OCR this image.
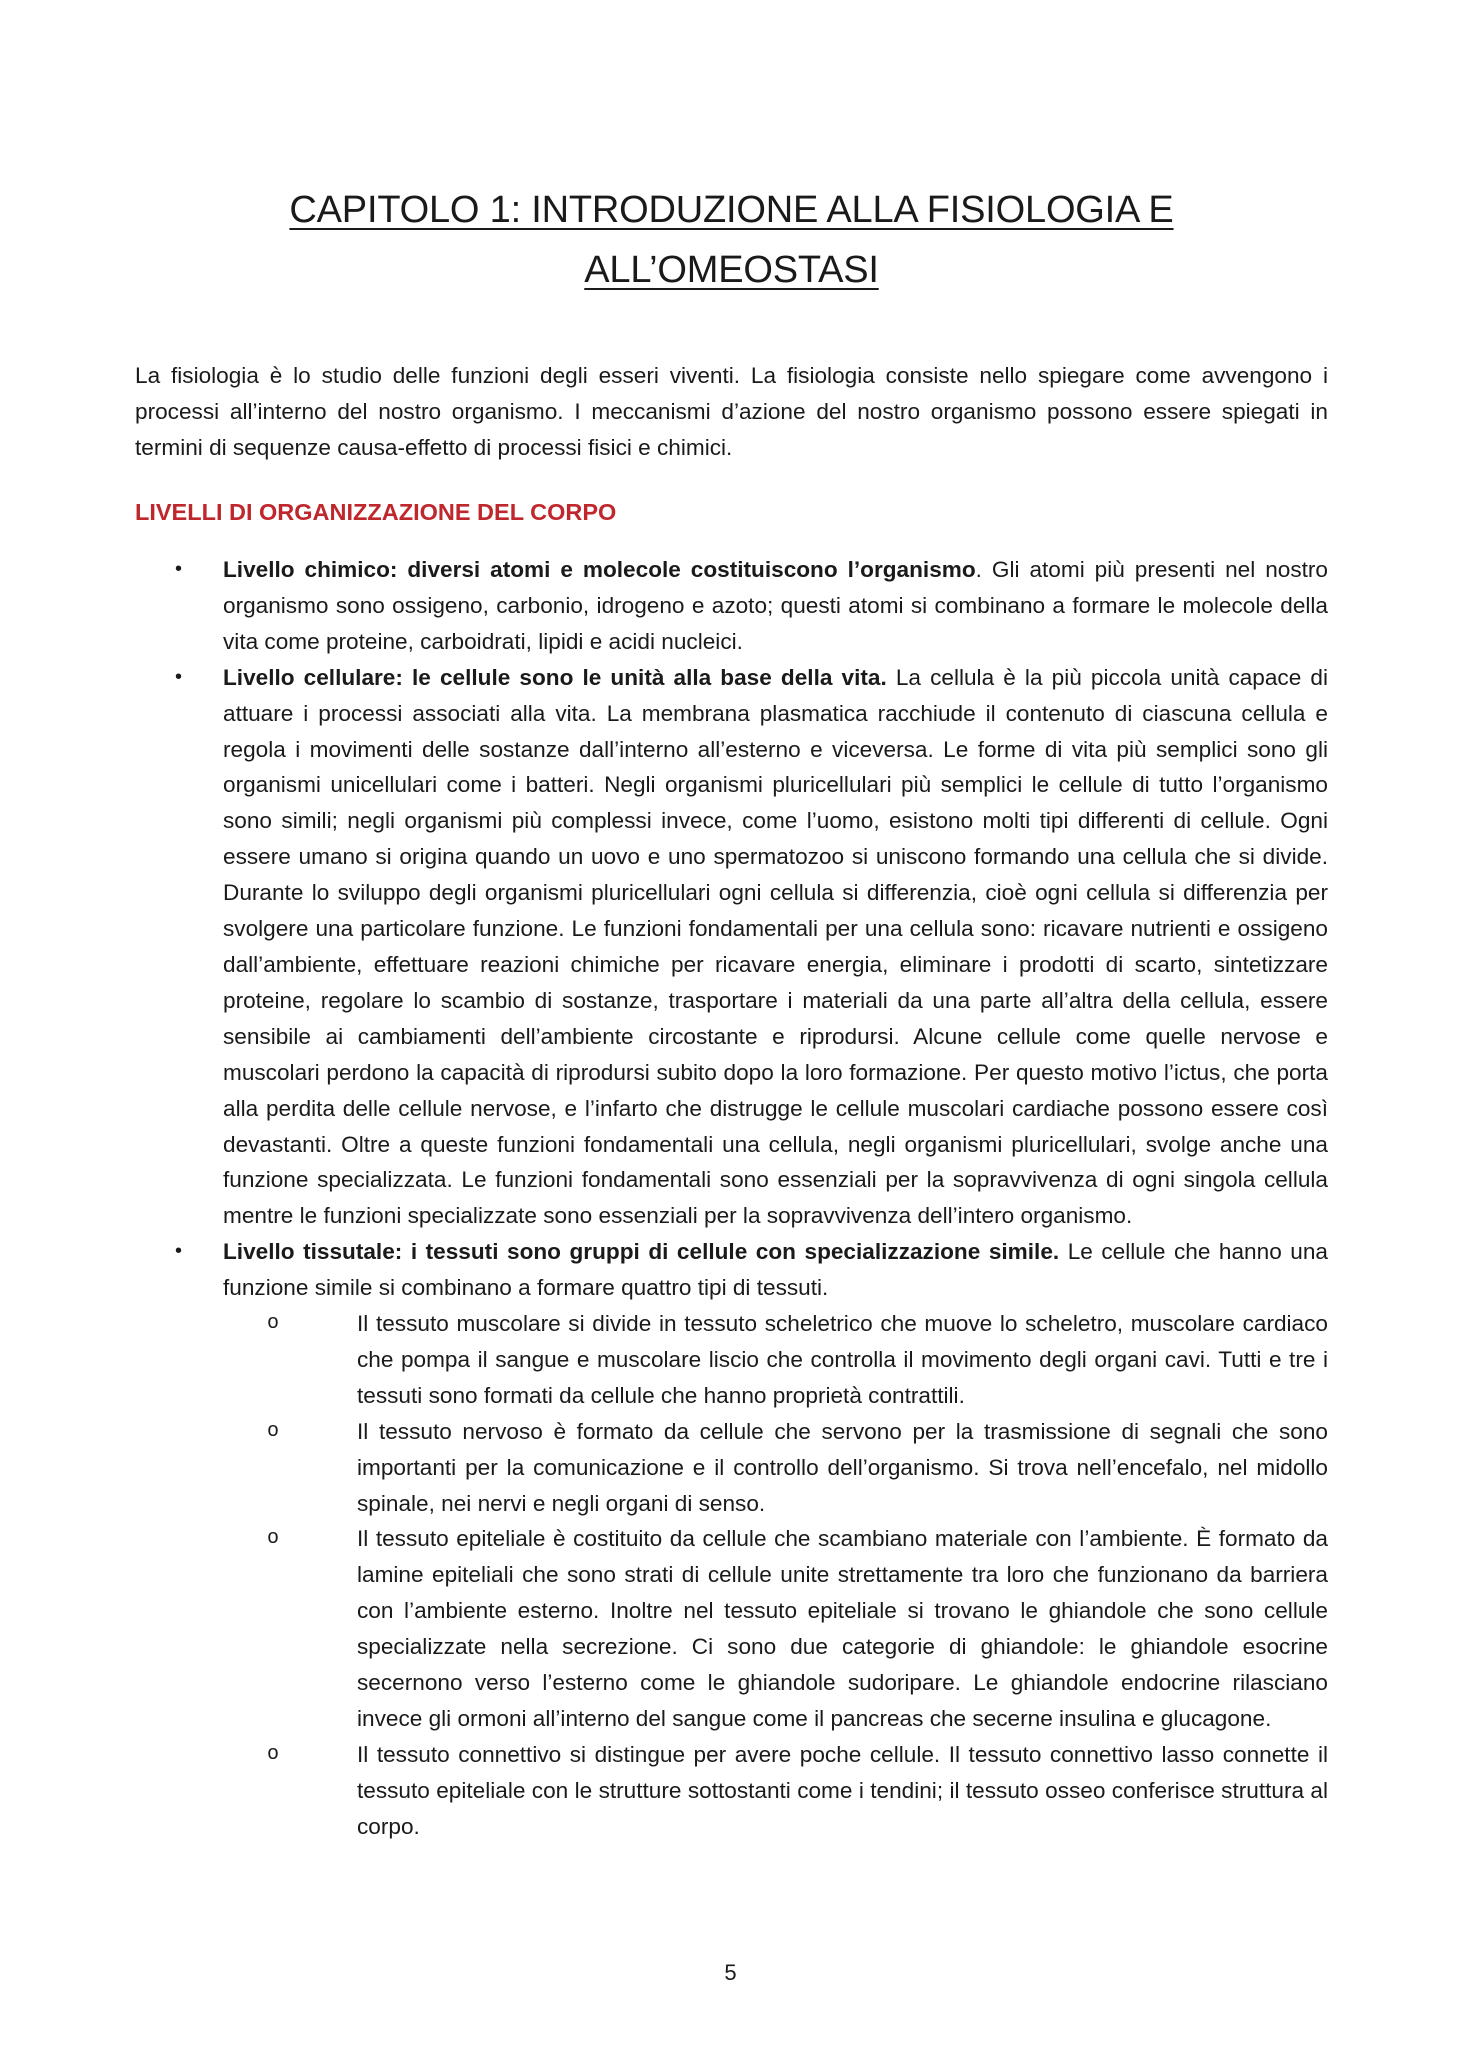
CAPITOLO 1: INTRODUZIONE ALLA FISIOLOGIA E
ALL’OMEOSTASI

La fisiologia è lo studio delle funzioni degli esseri viventi. La fisiologia consiste nello spiegare come avvengono i processi all’interno del nostro organismo. I meccanismi d’azione del nostro organismo possono essere spiegati in termini di sequenze causa-effetto di processi fisici e chimici.

LIVELLI DI ORGANIZZAZIONE DEL CORPO
• Livello chimico: diversi atomi e molecole costituiscono l’organismo. Gli atomi più presenti nel nostro organismo sono ossigeno, carbonio, idrogeno e azoto; questi atomi si combinano a formare le molecole della vita come proteine, carboidrati, lipidi e acidi nucleici.
• Livello cellulare: le cellule sono le unità alla base della vita. La cellula è la più piccola unità capace di attuare i processi associati alla vita. La membrana plasmatica racchiude il contenuto di ciascuna cellula e regola i movimenti delle sostanze dall’interno all’esterno e viceversa. Le forme di vita più semplici sono gli organismi unicellulari come i batteri. Negli organismi pluricellulari più semplici le cellule di tutto l’organismo sono simili; negli organismi più complessi invece, come l’uomo, esistono molti tipi differenti di cellule. Ogni essere umano si origina quando un uovo e uno spermatozoo si uniscono formando una cellula che si divide. Durante lo sviluppo degli organismi pluricellulari ogni cellula si differenzia, cioè ogni cellula si differenzia per svolgere una particolare funzione. Le funzioni fondamentali per una cellula sono: ricavare nutrienti e ossigeno dall’ambiente, effettuare reazioni chimiche per ricavare energia, eliminare i prodotti di scarto, sintetizzare proteine, regolare lo scambio di sostanze, trasportare i materiali da una parte all’altra della cellula, essere sensibile ai cambiamenti dell’ambiente circostante e riprodursi. Alcune cellule come quelle nervose e muscolari perdono la capacità di riprodursi subito dopo la loro formazione. Per questo motivo l’ictus, che porta alla perdita delle cellule nervose, e l’infarto che distrugge le cellule muscolari cardiache possono essere così devastanti. Oltre a queste funzioni fondamentali una cellula, negli organismi pluricellulari, svolge anche una funzione specializzata. Le funzioni fondamentali sono essenziali per la sopravvivenza di ogni singola cellula mentre le funzioni specializzate sono essenziali per la sopravvivenza dell’intero organismo.
• Livello tissutale: i tessuti sono gruppi di cellule con specializzazione simile. Le cellule che hanno una funzione simile si combinano a formare quattro tipi di tessuti.
o	Il tessuto muscolare si divide in tessuto scheletrico che muove lo scheletro, muscolare cardiaco che pompa il sangue e muscolare liscio che controlla il movimento degli organi cavi. Tutti e tre i tessuti sono formati da cellule che hanno proprietà contrattili.
o	Il tessuto nervoso è formato da cellule che servono per la trasmissione di segnali che sono importanti per la comunicazione e il controllo dell’organismo. Si trova nell’encefalo, nel midollo spinale, nei nervi e negli organi di senso.
o	Il tessuto epiteliale è costituito da cellule che scambiano materiale con l’ambiente. È formato da lamine epiteliali che sono strati di cellule unite strettamente tra loro che funzionano da barriera con l’ambiente esterno. Inoltre nel tessuto epiteliale si trovano le ghiandole che sono cellule specializzate nella secrezione. Ci sono due categorie di ghiandole: le ghiandole esocrine secernono verso l’esterno come le ghiandole sudoripare. Le ghiandole endocrine rilasciano invece gli ormoni all’interno del sangue come il pancreas che secerne insulina e glucagone.
o	Il tessuto connettivo si distingue per avere poche cellule. Il tessuto connettivo lasso connette il tessuto epiteliale con le strutture sottostanti come i tendini; il tessuto osseo conferisce struttura al corpo.
5
